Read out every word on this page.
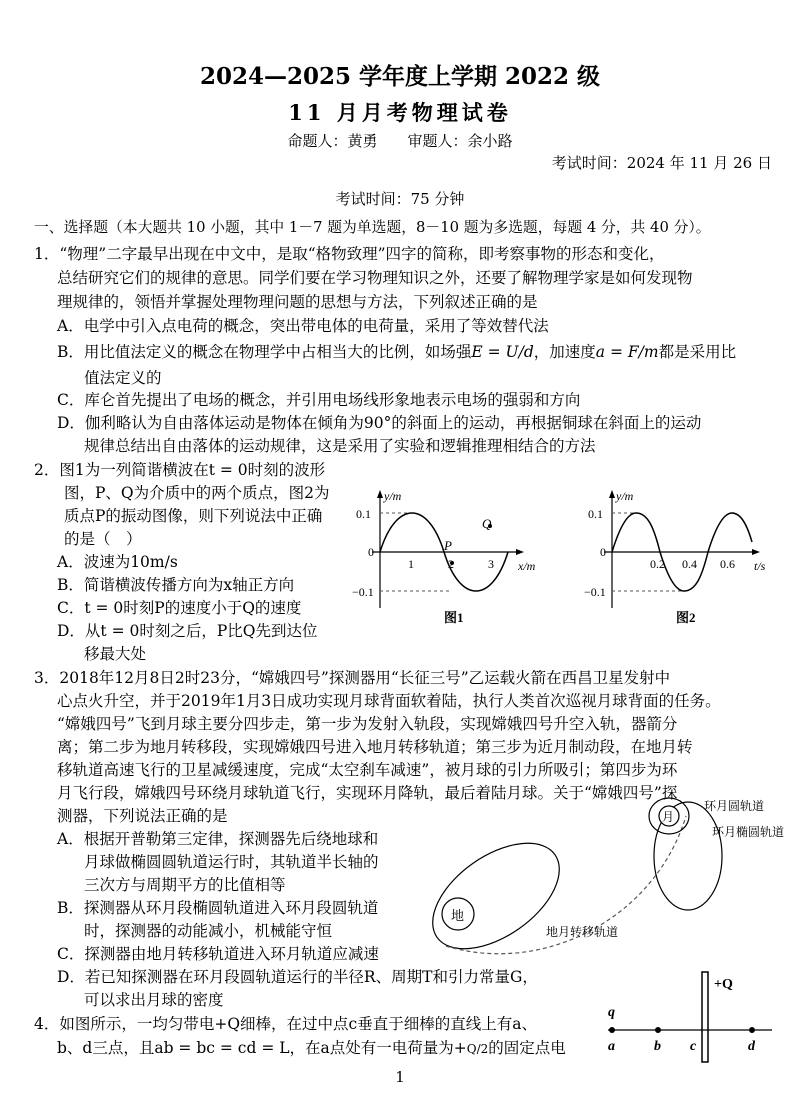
2024—2025 学年度上学期 2022 级
11 月月考物理试卷
命题人：黄勇　　审题人：余小路
考试时间：2024 年 11 月 26 日
考试时间：75 分钟
一、选择题（本大题共 10 小题，其中 1－7 题为单选题，8－10 题为多选题，每题 4 分，共 40 分）。
1．“物理”二字最早出现在中文中，是取“格物致理”四字的简称，即考察事物的形态和变化，
总结研究它们的规律的意思。同学们要在学习物理知识之外，还要了解物理学家是如何发现物
理规律的，领悟并掌握处理物理问题的思想与方法，下列叙述正确的是
A．电学中引入点电荷的概念，突出带电体的电荷量，采用了等效替代法
B．用比值法定义的概念在物理学中占相当大的比例，如场强E = U/d，加速度a = F/m都是采用比
值法定义的
C．库仑首先提出了电场的概念，并引用电场线形象地表示电场的强弱和方向
D．伽利略认为自由落体运动是物体在倾角为90°的斜面上的运动，再根据铜球在斜面上的运动
规律总结出自由落体的运动规律，这是采用了实验和逻辑推理相结合的方法
2．图1为一列简谐横波在t = 0时刻的波形
图，P、Q为介质中的两个质点，图2为
质点P的振动图像，则下列说法中正确
的是（　）
A．波速为10m/s
B．简谐横波传播方向为x轴正方向
C．t = 0时刻P的速度小于Q的速度
D．从t = 0时刻之后，P比Q先到达位
移最大处
P
Q
y/m
x/m
0.1
0
−0.1
1	2	3
图1
y/m
t/s
0.1
0
−0.1
0.2 0.4 0.6
图2
3．2018年12月8日2时23分，“嫦娥四号”探测器用“长征三号”乙运载火箭在西昌卫星发射中
心点火升空，并于2019年1月3日成功实现月球背面软着陆，执行人类首次巡视月球背面的任务。
“嫦娥四号”飞到月球主要分四步走，第一步为发射入轨段，实现嫦娥四号升空入轨，器箭分
离；第二步为地月转移段，实现嫦娥四号进入地月转移轨道；第三步为近月制动段，在地月转
移轨道高速飞行的卫星减缓速度，完成“太空刹车减速”，被月球的引力所吸引；第四步为环
月飞行段，嫦娥四号环绕月球轨道飞行，实现环月降轨，最后着陆月球。关于“嫦娥四号”探
测器，下列说法正确的是
A．根据开普勒第三定律，探测器先后绕地球和
月球做椭圆圆轨道运行时，其轨道半长轴的
三次方与周期平方的比值相等
B．探测器从环月段椭圆轨道进入环月段圆轨道
时，探测器的动能减小，机械能守恒
C．探测器由地月转移轨道进入环月轨道应减速
D．若已知探测器在环月段圆轨道运行的半径R、周期T和引力常量G，
可以求出月球的密度
地
月
环月圆轨道
环月椭圆轨道
地月转移轨道
4．如图所示，一均匀带电+Q细棒，在过中点c垂直于细棒的直线上有a、
b、d三点，且ab = bc = cd = L，在a点处有一电荷量为+Q/2的固定点电
+Q
q
a	b c	d
1
